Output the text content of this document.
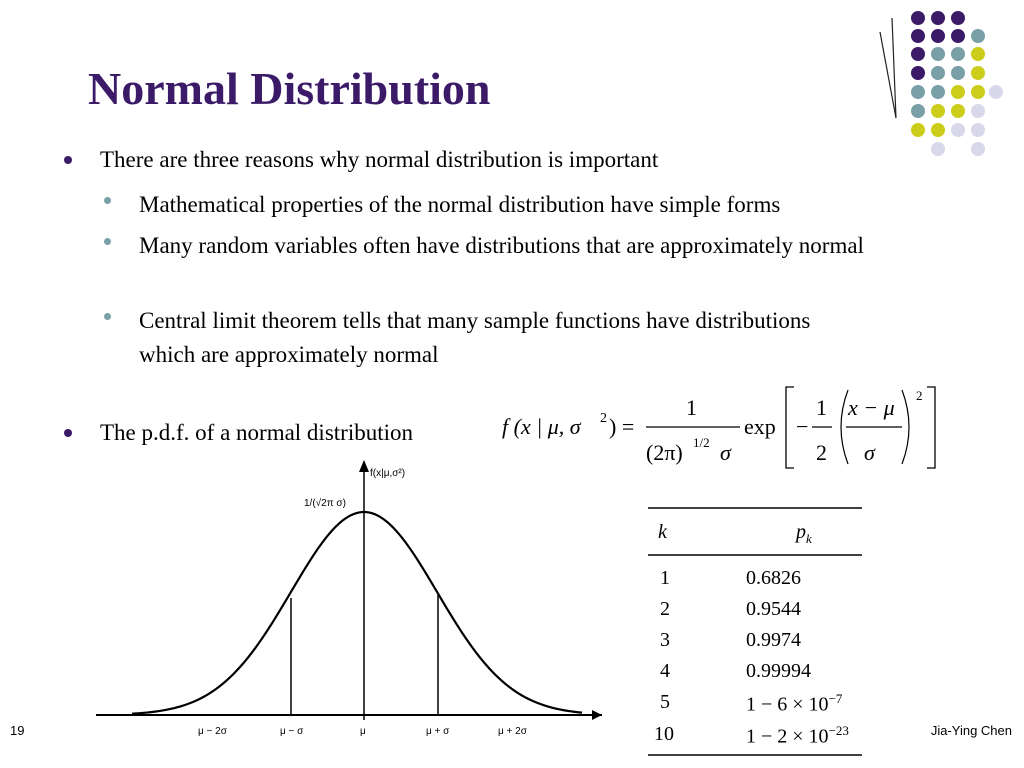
Normal Distribution
There are three reasons why normal distribution is important
Mathematical properties of the normal distribution have simple forms
Many random variables often have distributions that are approximately normal
Central limit theorem tells that many sample functions have distributions which are approximately normal
The p.d.f. of a normal distribution	f (x | μ, σ 2 ) =
1
(2π) 1/2 σ
exp −
1
2
x − μ
σ
2
f(x|μ,σ²)
1/(√2π σ)
μ − 2σ	μ − σ	μ	μ + σ	μ + 2σ
k	$p_k$
1	0.6826
2	0.9544
3	0.9974
4	0.99994
5	$1 - 6 \times 10^{-7}$
10	$1 - 2 \times 10^{-23}$
19	Jia-Ying Chen
